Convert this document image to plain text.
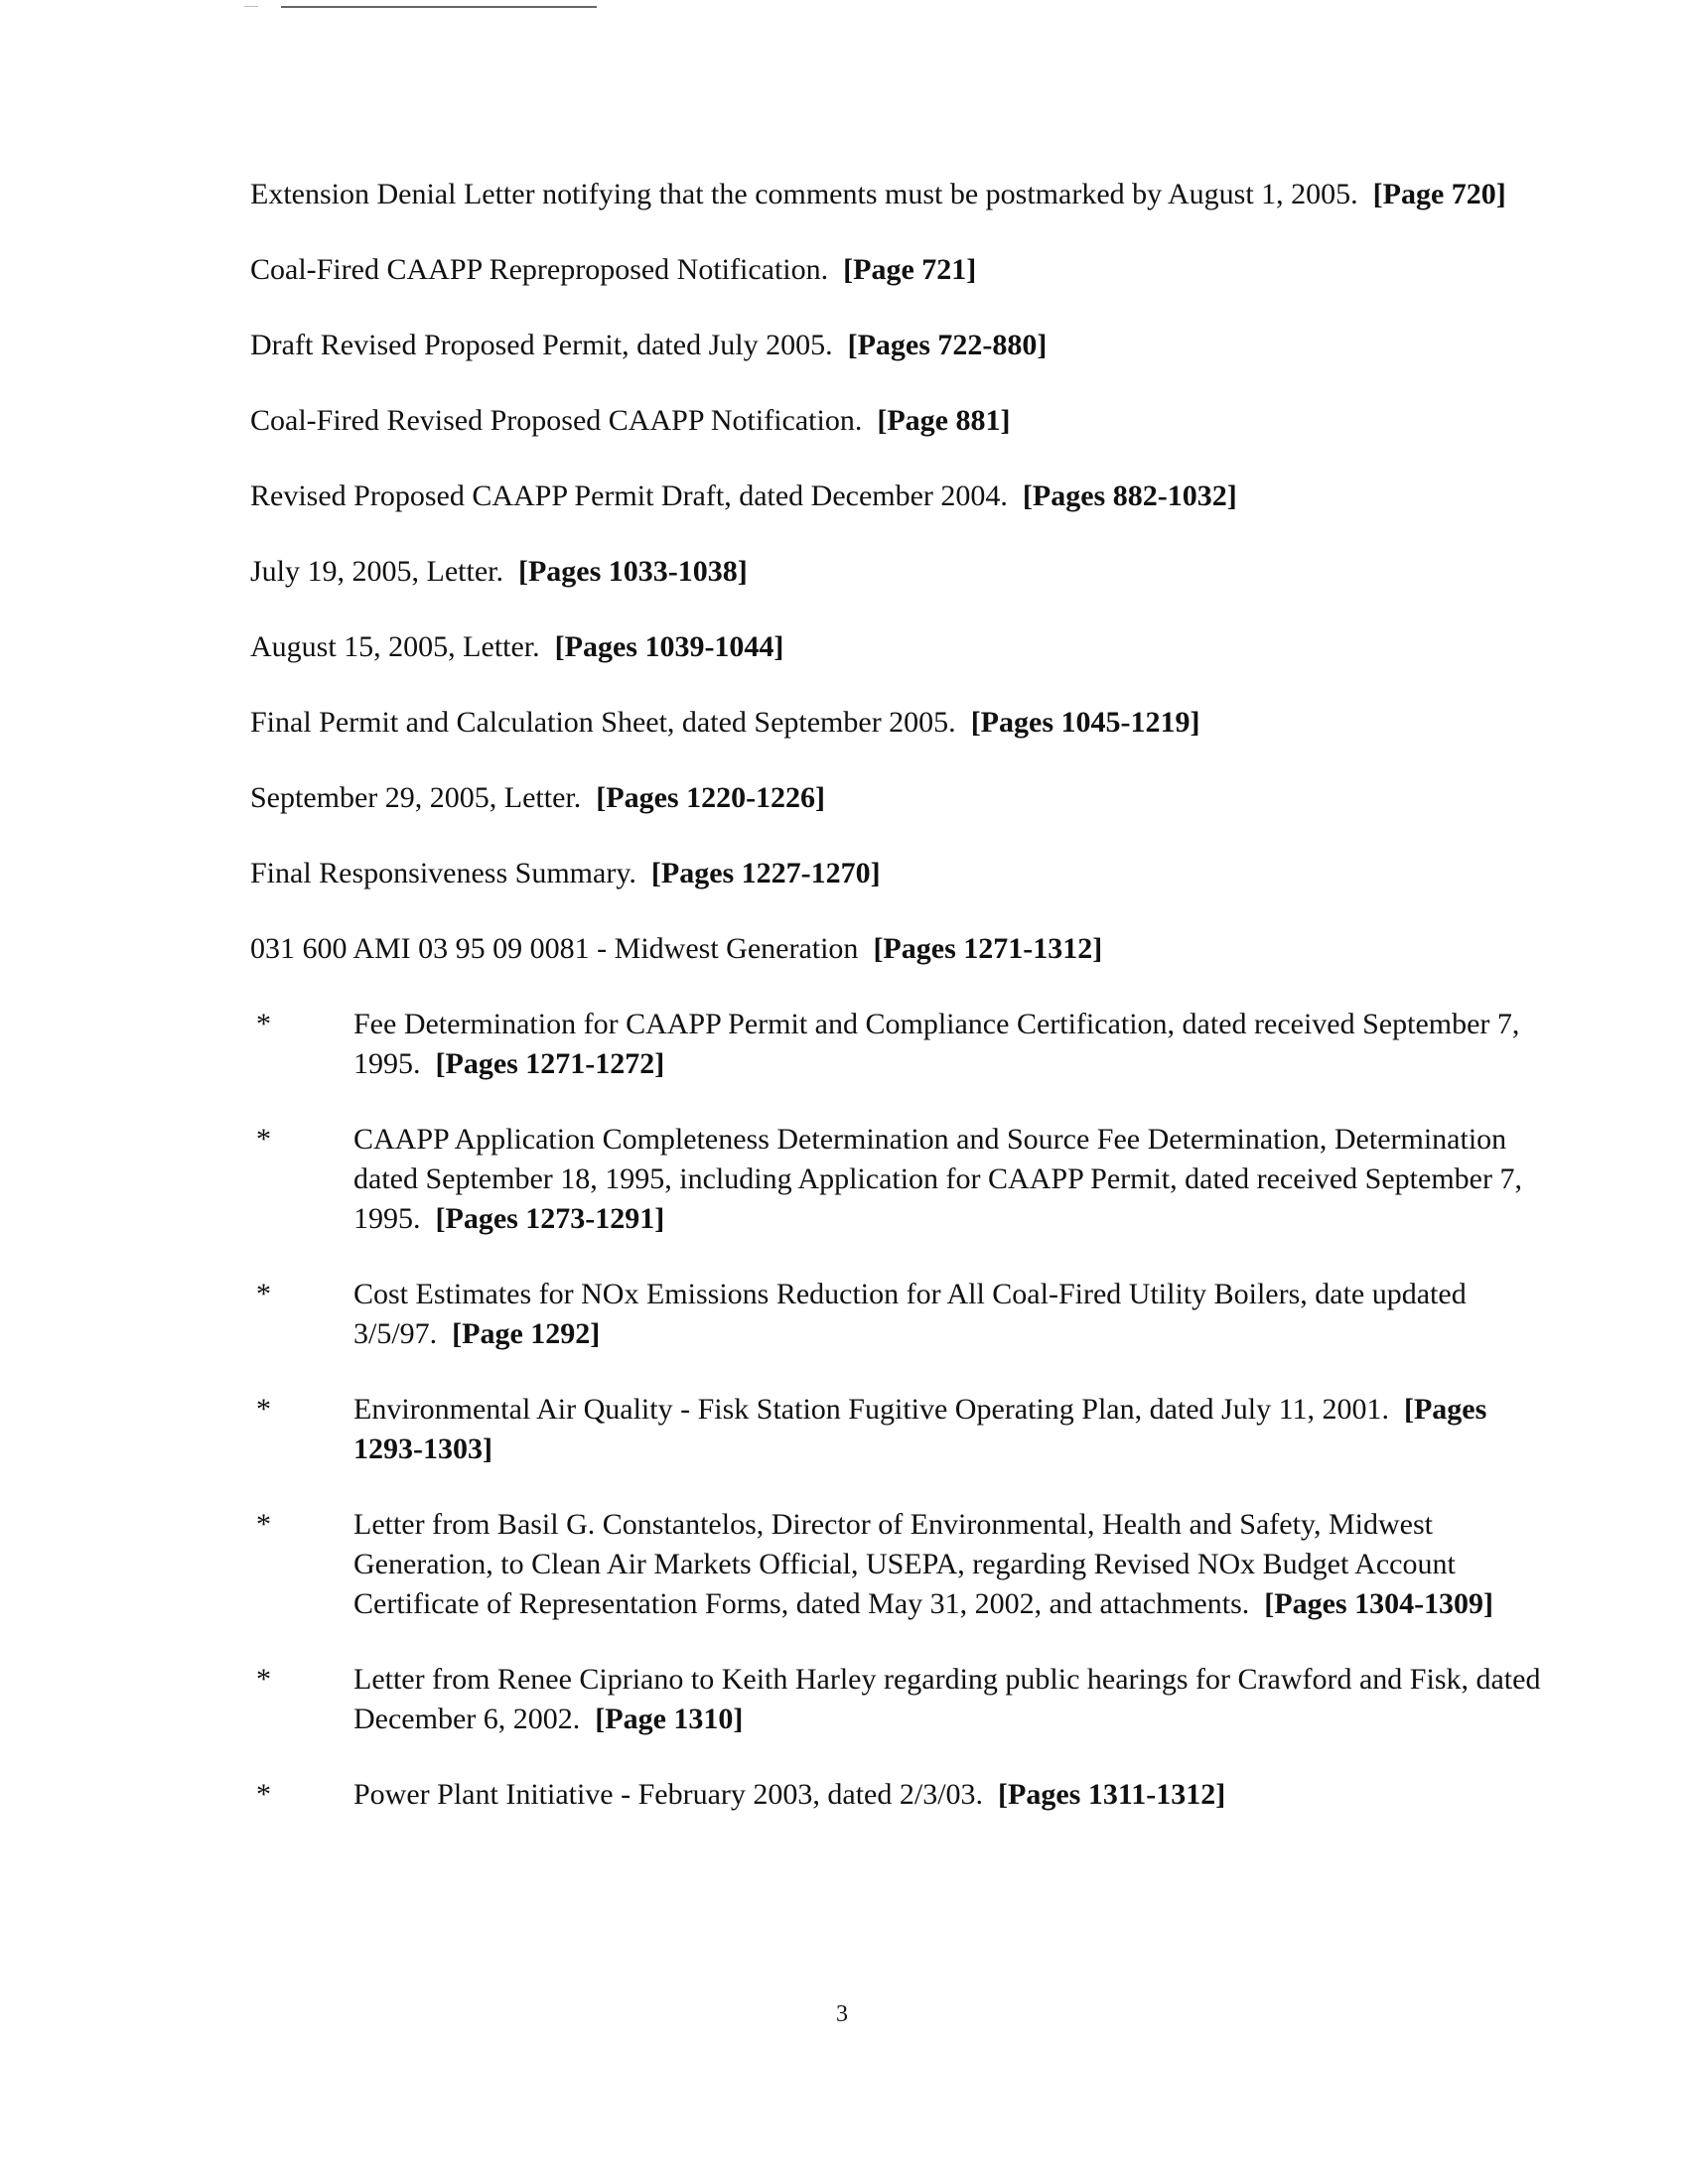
Extension Denial Letter notifying that the comments must be postmarked by August 1, 2005. [Page 720]

Coal-Fired CAAPP Repreproposed Notification. [Page 721]

Draft Revised Proposed Permit, dated July 2005. [Pages 722-880]

Coal-Fired Revised Proposed CAAPP Notification. [Page 881]

Revised Proposed CAAPP Permit Draft, dated December 2004. [Pages 882-1032]

July 19, 2005, Letter. [Pages 1033-1038]

August 15, 2005, Letter. [Pages 1039-1044]

Final Permit and Calculation Sheet, dated September 2005. [Pages 1045-1219]

September 29, 2005, Letter. [Pages 1220-1226]

Final Responsiveness Summary. [Pages 1227-1270]

031 600 AMI 03 95 09 0081 - Midwest Generation [Pages 1271-1312]

*	Fee Determination for CAAPP Permit and Compliance Certification, dated received September 7, 1995. [Pages 1271-1272]

*	CAAPP Application Completeness Determination and Source Fee Determination, Determination dated September 18, 1995, including Application for CAAPP Permit, dated received September 7, 1995. [Pages 1273-1291]

*	Cost Estimates for NOx Emissions Reduction for All Coal-Fired Utility Boilers, date updated 3/5/97. [Page 1292]

*	Environmental Air Quality - Fisk Station Fugitive Operating Plan, dated July 11, 2001. [Pages 1293-1303]

*	Letter from Basil G. Constantelos, Director of Environmental, Health and Safety, Midwest Generation, to Clean Air Markets Official, USEPA, regarding Revised NOx Budget Account Certificate of Representation Forms, dated May 31, 2002, and attachments. [Pages 1304-1309]

*	Letter from Renee Cipriano to Keith Harley regarding public hearings for Crawford and Fisk, dated December 6, 2002. [Page 1310]

*	Power Plant Initiative - February 2003, dated 2/3/03. [Pages 1311-1312]

3
